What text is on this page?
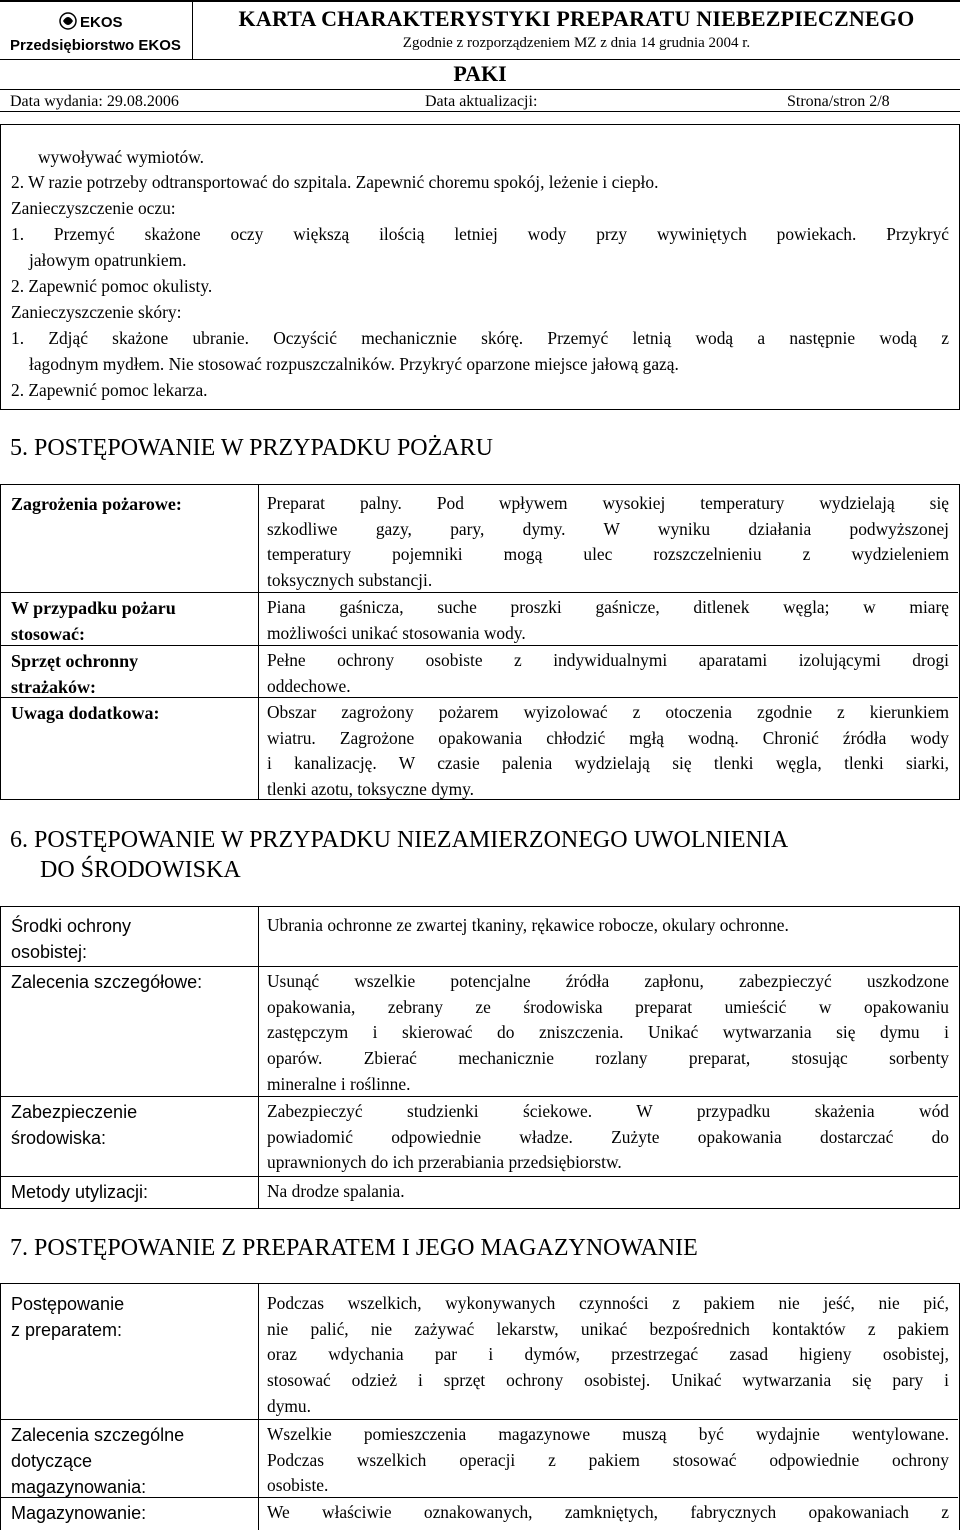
EKOS
Przedsiębiorstwo EKOS
KARTA CHARAKTERYSTYKI PREPARATU NIEBEZPIECZNEGO
Zgodnie z rozporządzeniem MZ z dnia 14 grudnia 2004 r.
PAKI
Data wydania: 29.08.2006	Data aktualizacji:	Strona/stron 2/8
wywoływać wymiotów.
2. W razie potrzeby odtransportować do szpitala. Zapewnić choremu spokój, leżenie i ciepło.
Zanieczyszczenie oczu:
1. Przemyć skażone oczy większą ilością letniej wody przy wywiniętych powiekach. Przykryć
jałowym opatrunkiem.
2. Zapewnić pomoc okulisty.
Zanieczyszczenie skóry:
1. Zdjąć skażone ubranie. Oczyścić mechanicznie skórę. Przemyć letnią wodą a następnie wodą z
łagodnym mydłem. Nie stosować rozpuszczalników. Przykryć oparzone miejsce jałową gazą.
2. Zapewnić pomoc lekarza.
5. POSTĘPOWANIE W PRZYPADKU POŻARU
Zagrożenia pożarowe:	Preparat palny. Pod wpływem wysokiej temperatury wydzielają się
szkodliwe gazy, pary, dymy. W wyniku działania podwyższonej
temperatury pojemniki mogą ulec rozszczelnieniu z wydzieleniem
toksycznych substancji.
W przypadku pożaru
stosować:
Piana gaśnicza, suche proszki gaśnicze, ditlenek węgla; w miarę
możliwości unikać stosowania wody.
Sprzęt ochronny
strażaków:
Pełne ochrony osobiste z indywidualnymi aparatami izolującymi drogi
oddechowe.
Uwaga dodatkowa:	Obszar zagrożony pożarem wyizolować z otoczenia zgodnie z kierunkiem
wiatru. Zagrożone opakowania chłodzić mgłą wodną. Chronić źródła wody
i kanalizację. W czasie palenia wydzielają się tlenki węgla, tlenki siarki,
tlenki azotu, toksyczne dymy.
6. POSTĘPOWANIE W PRZYPADKU NIEZAMIERZONEGO UWOLNIENIA
DO ŚRODOWISKA
Środki ochrony
osobistej:
Ubrania ochronne ze zwartej tkaniny, rękawice robocze, okulary ochronne.
Zalecenia szczegółowe:	Usunąć wszelkie potencjalne źródła zapłonu, zabezpieczyć uszkodzone
opakowania, zebrany ze środowiska preparat umieścić w opakowaniu
zastępczym i skierować do zniszczenia. Unikać wytwarzania się dymu i
oparów. Zbierać mechanicznie rozlany preparat, stosując sorbenty
mineralne i roślinne.
Zabezpieczenie
środowiska:
Zabezpieczyć studzienki ściekowe. W przypadku skażenia wód
powiadomić odpowiednie władze. Zużyte opakowania dostarczać do
uprawnionych do ich przerabiania przedsiębiorstw.
Metody utylizacji:	Na drodze spalania.
7. POSTĘPOWANIE Z PREPARATEM I JEGO MAGAZYNOWANIE
Postępowanie
z preparatem:
Podczas wszelkich, wykonywanych czynności z pakiem nie jeść, nie pić,
nie palić, nie zażywać lekarstw, unikać bezpośrednich kontaktów z pakiem
oraz wdychania par i dymów, przestrzegać zasad higieny osobistej,
stosować odzież i sprzęt ochrony osobistej. Unikać wytwarzania się pary i
dymu.
Zalecenia szczególne
dotyczące
magazynowania:
Wszelkie pomieszczenia magazynowe muszą być wydajnie wentylowane.
Podczas wszelkich operacji z pakiem stosować odpowiednie ochrony
osobiste.
Magazynowanie:	We właściwie oznakowanych, zamkniętych, fabrycznych opakowaniach z
